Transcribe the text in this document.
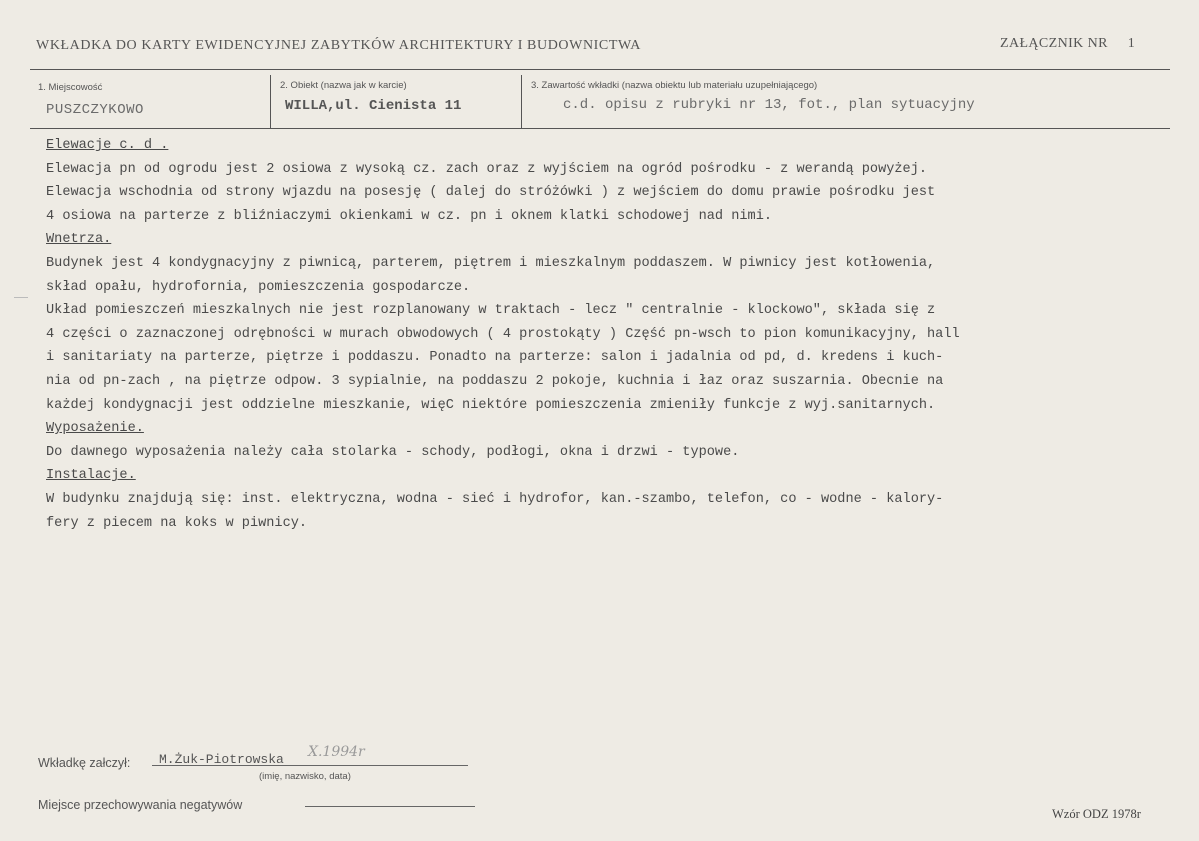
WKŁADKA DO KARTY EWIDENCYJNEJ ZABYTKÓW ARCHITEKTURY I BUDOWNICTWA	ZAŁĄCZNIK NR 1
1. Miejscowość
PUSZCZYKOWO
2. Obiekt (nazwa jak w karcie)
WILLA,ul. Cienista 11
3. Zawartość wkładki (nazwa obiektu lub materiału uzupełniającego)
c.d. opisu z rubryki nr 13, fot., plan sytuacyjny
Elewacje c. d .
Elewacja pn od ogrodu jest 2 osiowa z wysoką cz. zach oraz z wyjściem na ogród pośrodku - z werandą powyżej.
Elewacja wschodnia od strony wjazdu na posesję ( dalej do stróżówki ) z wejściem do domu prawie pośrodku jest
4 osiowa na parterze z bliźniaczymi okienkami w cz. pn i oknem klatki schodowej nad nimi.
Wnetrza.
Budynek jest 4 kondygnacyjny z piwnicą, parterem, piętrem i mieszkalnym poddaszem. W piwnicy jest kotłowenia,
skład opału, hydrofornia, pomieszczenia gospodarcze.
Układ pomieszczeń mieszkalnych nie jest rozplanowany w traktach - lecz " centralnie - klockowo", składa się z
4 części o zaznaczonej odrębności w murach obwodowych ( 4 prostokąty ) Część pn-wsch to pion komunikacyjny, hall
i sanitariaty na parterze, piętrze i poddaszu. Ponadto na parterze: salon i jadalnia od pd, d. kredens i kuch-
nia od pn-zach , na piętrze odpow. 3 sypialnie, na poddaszu 2 pokoje, kuchnia i łaz oraz suszarnia. Obecnie na
każdej kondygnacji jest oddzielne mieszkanie, więC niektóre pomieszczenia zmieniły funkcje z wyj.sanitarnych.
Wyposażenie.
Do dawnego wyposażenia należy cała stolarka - schody, podłogi, okna i drzwi - typowe.
Instalacje.
W budynku znajdują się: inst. elektryczna, wodna - sieć i hydrofor, kan.-szambo, telefon, co - wodne - kalory-
fery z piecem na koks w piwnicy.
Wkładkę załczył: M.Żuk-Piotrowska X.1994r
(imię, nazwisko, data)
Miejsce przechowywania negatywów
Wzór ODZ 1978r
